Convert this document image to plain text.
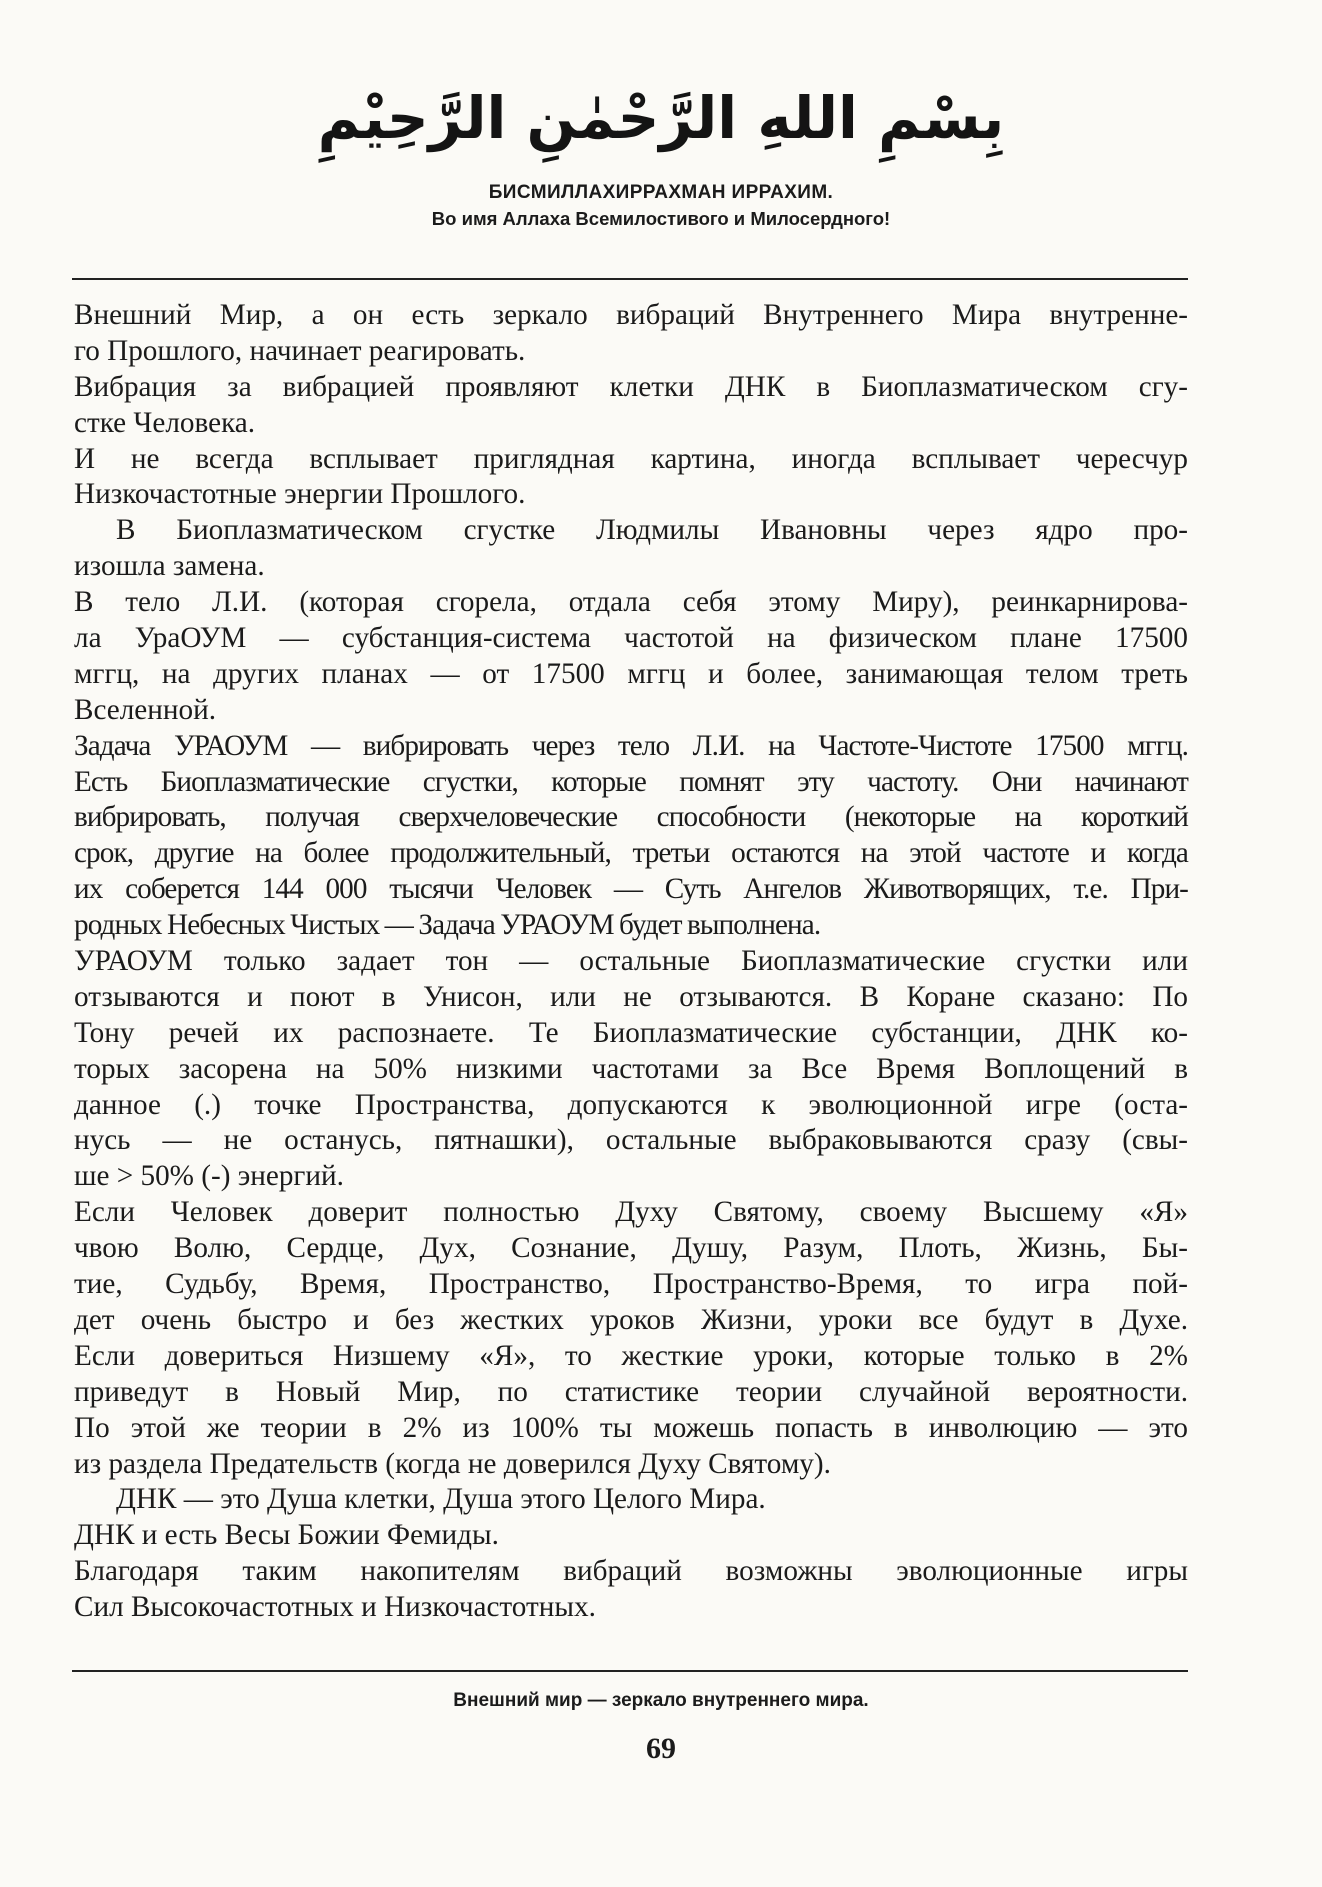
بِسْمِ اللهِ الرَّحْمٰنِ الرَّحِيْمِ
БИСМИЛЛАХИРРАХМАН ИРРАХИМ.
Во имя Аллаха Всемилостивого и Милосердного!
Внешний Мир, а он есть зеркало вибраций Внутреннего Мира внутренне-
го Прошлого, начинает реагировать.
Вибрация за вибрацией проявляют клетки ДНК в Биоплазматическом сгу-
стке Человека.
И не всегда всплывает приглядная картина, иногда всплывает чересчур
Низкочастотные энергии Прошлого.
В Биоплазматическом сгустке Людмилы Ивановны через ядро про-
изошла замена.
В тело Л.И. (которая сгорела, отдала себя этому Миру), реинкарнирова-
ла УраОУМ — субстанция-система частотой на физическом плане 17500
мггц, на других планах — от 17500 мггц и более, занимающая телом треть
Вселенной.
Задача УРАОУМ — вибрировать через тело Л.И. на Частоте-Чистоте 17500 мггц.
Есть Биоплазматические сгустки, которые помнят эту частоту. Они начинают
вибрировать, получая сверхчеловеческие способности (некоторые на короткий
срок, другие на более продолжительный, третьи остаются на этой частоте и когда
их соберется 144 000 тысячи Человек — Суть Ангелов Животворящих, т.е. При-
родных Небесных Чистых — Задача УРАОУМ будет выполнена.
УРАОУМ только задает тон — остальные Биоплазматические сгустки или
отзываются и поют в Унисон, или не отзываются. В Коране сказано: По
Тону речей их распознаете. Те Биоплазматические субстанции, ДНК ко-
торых засорена на 50% низкими частотами за Все Время Воплощений в
данное (.) точке Пространства, допускаются к эволюционной игре (оста-
нусь — не останусь, пятнашки), остальные выбраковываются сразу (свы-
ше > 50% (-) энергий.
Если Человек доверит полностью Духу Святому, своему Высшему «Я»
чвою Волю, Сердце, Дух, Сознание, Душу, Разум, Плоть, Жизнь, Бы-
тие, Судьбу, Время, Пространство, Пространство-Время, то игра пой-
дет очень быстро и без жестких уроков Жизни, уроки все будут в Духе.
Если довериться Низшему «Я», то жесткие уроки, которые только в 2%
приведут в Новый Мир, по статистике теории случайной вероятности.
По этой же теории в 2% из 100% ты можешь попасть в инволюцию — это
из раздела Предательств (когда не доверился Духу Святому).
ДНК — это Душа клетки, Душа этого Целого Мира.
ДНК и есть Весы Божии Фемиды.
Благодаря таким накопителям вибраций возможны эволюционные игры
Сил Высокочастотных и Низкочастотных.
Внешний мир — зеркало внутреннего мира.
69
